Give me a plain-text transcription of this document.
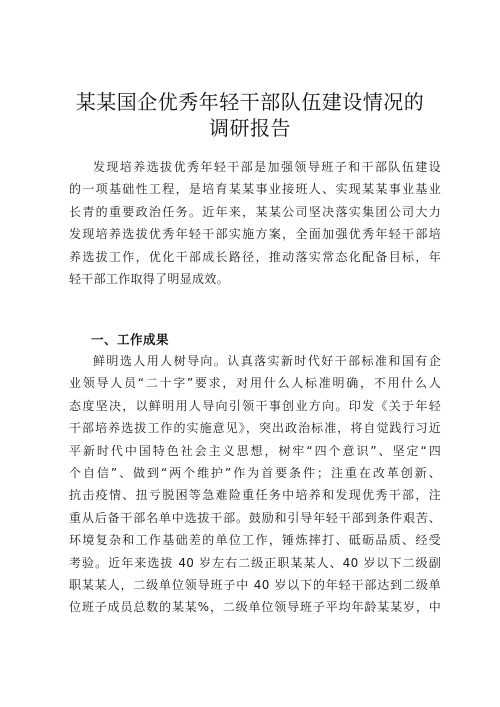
某某国企优秀年轻干部队伍建设情况的
调研报告
发现培养选拔优秀年轻干部是加强领导班子和干部队伍建设
的一项基础性工程，是培育某某事业接班人、实现某某事业基业
长青的重要政治任务。近年来，某某公司坚决落实集团公司大力
发现培养选拔优秀年轻干部实施方案，全面加强优秀年轻干部培
养选拔工作，优化干部成长路径，推动落实常态化配备目标，年
轻干部工作取得了明显成效。
一、工作成果
鲜明选人用人树导向。认真落实新时代好干部标准和国有企
业领导人员“二十字”要求，对用什么人标准明确，不用什么人
态度坚决，以鲜明用人导向引领干事创业方向。印发《关于年轻
干部培养选拔工作的实施意见》，突出政治标准，将自觉践行习近
平新时代中国特色社会主义思想，树牢“四个意识”、坚定“四
个自信”、做到“两个维护”作为首要条件；注重在改革创新、
抗击疫情、扭亏脱困等急难险重任务中培养和发现优秀干部，注
重从后备干部名单中选拔干部。鼓励和引导年轻干部到条件艰苦、
环境复杂和工作基础差的单位工作，锤炼摔打、砥砺品质、经受
考验。近年来选拔 40 岁左右二级正职某某人、40 岁以下二级副
职某某人，二级单位领导班子中 40 岁以下的年轻干部达到二级单
位班子成员总数的某某%，二级单位领导班子平均年龄某某岁，中
